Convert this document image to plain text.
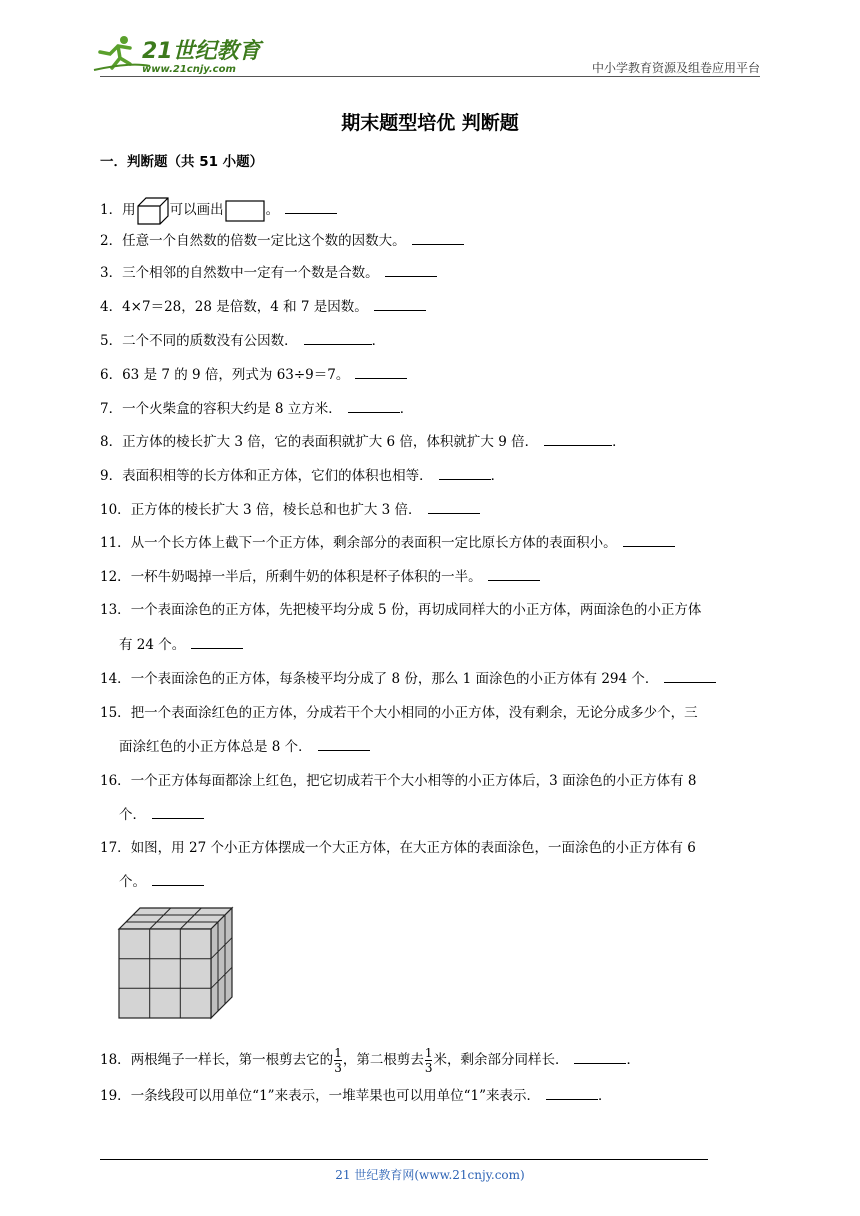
21世纪教育
www.21cnjy.com	中小学教育资源及组卷应用平台
期末题型培优 判断题
一．判断题（共 51 小题）
1．用	可以画出	。
2．任意一个自然数的倍数一定比这个数的因数大。
3．三个相邻的自然数中一定有一个数是合数。
4．4×7＝28，28 是倍数，4 和 7 是因数。
5．二个不同的质数没有公因数．	．
6．63 是 7 的 9 倍，列式为 63÷9＝7。
7．一个火柴盒的容积大约是 8 立方米．	．
8．正方体的棱长扩大 3 倍，它的表面积就扩大 6 倍，体积就扩大 9 倍．	．
9．表面积相等的长方体和正方体，它们的体积也相等．	．
10．正方体的棱长扩大 3 倍，棱长总和也扩大 3 倍．
11．从一个长方体上截下一个正方体，剩余部分的表面积一定比原长方体的表面积小。
12．一杯牛奶喝掉一半后，所剩牛奶的体积是杯子体积的一半。
13．一个表面涂色的正方体，先把棱平均分成 5 份，再切成同样大的小正方体，两面涂色的小正方体
有 24 个。
14．一个表面涂色的正方体，每条棱平均分成了 8 份，那么 1 面涂色的小正方体有 294 个．
15．把一个表面涂红色的正方体，分成若干个大小相同的小正方体，没有剩余，无论分成多少个，三
面涂红色的小正方体总是 8 个．
16．一个正方体每面都涂上红色，把它切成若干个大小相等的小正方体后，3 面涂色的小正方体有 8
个．
17．如图，用 27 个小正方体摆成一个大正方体，在大正方体的表面涂色，一面涂色的小正方体有 6
个。
18．两根绳子一样长，第一根剪去它的 $\frac{1}{3}$ ，第二根剪去 $\frac{1}{3}$ 米，剩余部分同样长．	．
19．一条线段可以用单位“1”来表示，一堆苹果也可以用单位“1”来表示．	．
21 世纪教育网(www.21cnjy.com)
